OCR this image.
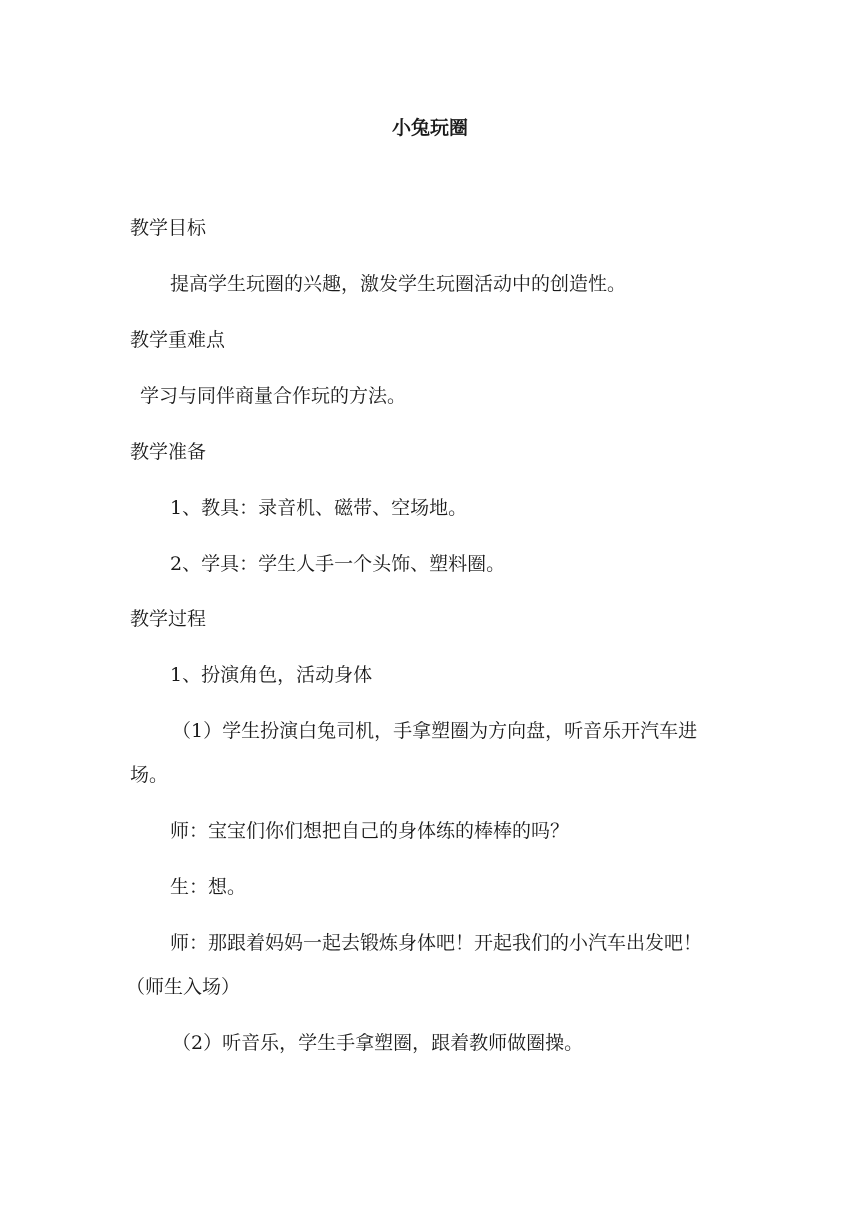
小兔玩圈
教学目标
提高学生玩圈的兴趣，激发学生玩圈活动中的创造性。
教学重难点
学习与同伴商量合作玩的方法。
教学准备
1、教具：录音机、磁带、空场地。
2、学具：学生人手一个头饰、塑料圈。
教学过程
1、扮演角色，活动身体
（1）学生扮演白兔司机，手拿塑圈为方向盘，听音乐开汽车进
场。
师：宝宝们你们想把自己的身体练的棒棒的吗？
生：想。
师：那跟着妈妈一起去锻炼身体吧！开起我们的小汽车出发吧！
（师生入场）
（2）听音乐，学生手拿塑圈，跟着教师做圈操。
